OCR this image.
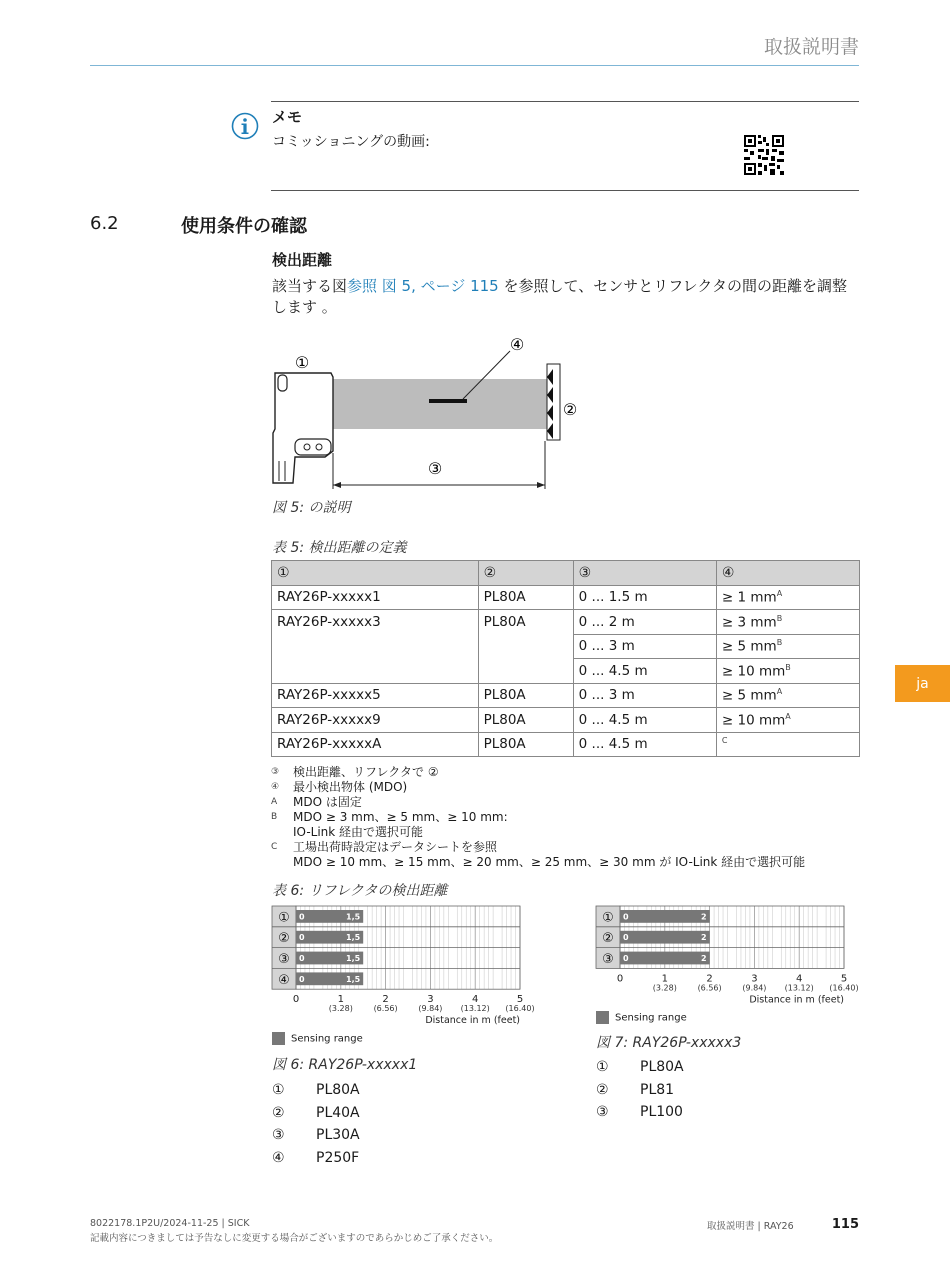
取扱説明書
メモ
コミッショニングの動画:
6.2	使用条件の確認
検出距離
該当する図参照 図 5, ページ 115 を参照して、センサとリフレクタの間の距離を調整します 。
①
②
③
④
図 5: の説明
表 5: 検出距離の定義
①	②	③	④
RAY26P-xxxxx1	PL80A	0 ... 1.5 m	≥ 1 $mm^A$
RAY26P-xxxxx3	PL80A	0 ... 2 m	≥ 3 $mm^B$
		0 ... 3 m	≥ 5 $mm^B$
		0 ... 4.5 m	≥ 10 $mm^B$
RAY26P-xxxxx5	PL80A	0 ... 3 m	≥ 5 $mm^A$
RAY26P-xxxxx9	PL80A	0 ... 4.5 m	≥ 10 $mm^A$
RAY26P-xxxxxA	PL80A	0 ... 4.5 m	$^C$
③	検出距離、リフレクタで ②
④	最小検出物体 (MDO)
A	MDO は固定
B	MDO ≥ 3 mm、≥ 5 mm、≥ 10 mm:
IO-Link 経由で選択可能
C	工場出荷時設定はデータシートを参照
MDO ≥ 10 mm、≥ 15 mm、≥ 20 mm、≥ 25 mm、≥ 30 mm が IO-Link 経由で選択可能
表 6: リフレクタの検出距離
① 0	1,5
② 0	1,5
③ 0	1,5
④ 0	1,5
0	1
(3.28)
2
(6.56)
3
(9.84)
4
(13.12)
5
(16.40)
Distance in m (feet)
① 0	2
② 0	2
③ 0	2
0	1
(3.28)
2
(6.56)
3
(9.84)
4
(13.12)
5
(16.40)
Distance in m (feet)
Sensing range
図 6: RAY26P-xxxxx1
①	PL80A
②	PL40A
③	PL30A
④	P250F
Sensing range
図 7: RAY26P-xxxxx3
①	PL80A
②	PL81
③	PL100
ja
8022178.1P2U/2024-11-25 | SICK
記載内容につきましては予告なしに変更する場合がございますのであらかじめご了承ください。
取扱説明書 | RAY26	115
